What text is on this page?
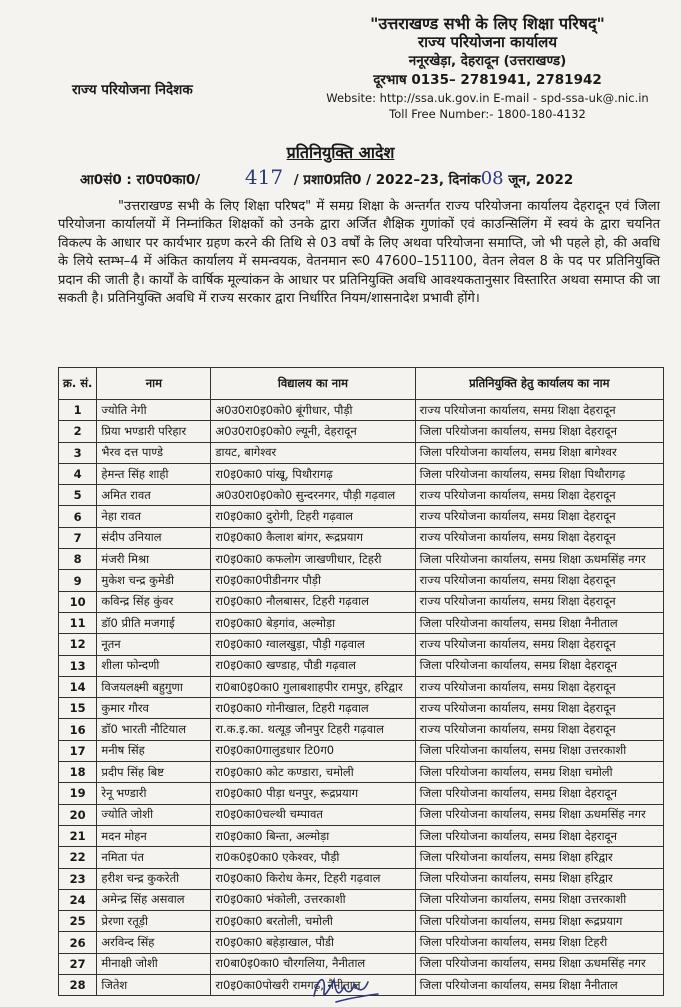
"उत्तराखण्ड सभी के लिए शिक्षा परिषद्"
राज्य परियोजना कार्यालय
ननूरखेड़ा, देहरादून (उत्तराखण्ड)
दूरभाष 0135– 2781941, 2781942
Website: http://ssa.uk.gov.in E-mail - spd-ssa-uk@.nic.in
Toll Free Number:- 1800-180-4132
राज्य परियोजना निदेशक
प्रतिनियुक्ति आदेश
आ0सं0 : रा0प0का0/ 417 / प्रशा0प्रति0 / 2022–23, दिनांक08 जून, 2022
"उत्तराखण्ड सभी के लिए शिक्षा परिषद" में समग्र शिक्षा के अन्तर्गत राज्य परियोजना कार्यालय देहरादून एवं जिला परियोजना कार्यालयों में निम्नांकित शिक्षकों को उनके द्वारा अर्जित शैक्षिक गुणांकों एवं काउन्सिलिंग में स्वयं के द्वारा चयनित विकल्प के आधार पर कार्यभार ग्रहण करने की तिथि से 03 वर्षों के लिए अथवा परियोजना समाप्ति, जो भी पहले हो, की अवधि के लिये स्तम्भ–4 में अंकित कार्यालय में समन्वयक, वेतनमान रू0 47600–151100, वेतन लेवल 8 के पद पर प्रतिनियुक्ति प्रदान की जाती है। कार्यों के वार्षिक मूल्यांकन के आधार पर प्रतिनियुक्ति अवधि आवश्यकतानुसार विस्तारित अथवा समाप्त की जा सकती है। प्रतिनियुक्ति अवधि में राज्य सरकार द्वारा निर्धारित नियम/शासनादेश प्रभावी होंगे।
क्र. सं.	नाम	विद्यालय का नाम	प्रतिनियुक्ति हेतु कार्यालय का नाम
1	ज्योति नेगी	अ0उ0रा0इ0को0 बूंगीधार, पौड़ी	राज्य परियोजना कार्यालय, समग्र शिक्षा देहरादून
2	प्रिया भण्डारी परिहार	अ0उ0रा0इ0को0 ल्यूनी, देहरादून	जिला परियोजना कार्यालय, समग्र शिक्षा देहरादून
3	भैरव दत्त पाण्डे	डायट, बागेश्वर	जिला परियोजना कार्यालय, समग्र शिक्षा बागेश्वर
4	हेमन्त सिंह शाही	रा0इ0का0 पांखू, पिथौरागढ़	जिला परियोजना कार्यालय, समग्र शिक्षा पिथौरागढ़
5	अमित रावत	अ0उ0रा0इ0को0 सुन्दरनगर, पौड़ी गढ़वाल	राज्य परियोजना कार्यालय, समग्र शिक्षा देहरादून
6	नेहा रावत	रा0इ0का0 दुरोगी, टिहरी गढ़वाल	राज्य परियोजना कार्यालय, समग्र शिक्षा देहरादून
7	संदीप उनियाल	रा0इ0का0 कैलाश बांगर, रूद्रप्रयाग	राज्य परियोजना कार्यालय, समग्र शिक्षा देहरादून
8	मंजरी मिश्रा	रा0इ0का0 कफलोग जाखणीधार, टिहरी	जिला परियोजना कार्यालय, समग्र शिक्षा ऊधमसिंह नगर
9	मुकेश चन्द्र कुमेडी	रा0इ0का0पीडीनगर पौड़ी	राज्य परियोजना कार्यालय, समग्र शिक्षा देहरादून
10	कविन्द्र सिंह कुंवर	रा0इ0का0 नौलबासर, टिहरी गढ़वाल	राज्य परियोजना कार्यालय, समग्र शिक्षा देहरादून
11	डॉ0 प्रीति मजगाई	रा0इ0का0 बेड़गांव, अल्मोड़ा	जिला परियोजना कार्यालय, समग्र शिक्षा नैनीताल
12	नूतन	रा0इ0का0 ग्वालखुड़ा, पौड़ी गढ़वाल	राज्य परियोजना कार्यालय, समग्र शिक्षा देहरादून
13	शीला फोन्दणी	रा0इ0का0 खण्डाह, पौडी गढ़वाल	जिला परियोजना कार्यालय, समग्र शिक्षा देहरादून
14	विजयलक्ष्मी बहुगुणा	रा0बा0इ0का0 गुलाबशाहपीर रामपुर, हरिद्वार	राज्य परियोजना कार्यालय, समग्र शिक्षा देहरादून
15	कुमार गौरव	रा0इ0का0 गोनीखाल, टिहरी गढ़वाल	राज्य परियोजना कार्यालय, समग्र शिक्षा देहरादून
16	डॉ0 भारती नौटियाल	रा.क.इ.का. थत्यूड़ जौनपुर टिहरी गढ़वाल	राज्य परियोजना कार्यालय, समग्र शिक्षा देहरादून
17	मनीष सिंह	रा0इ0का0गालुडधार टि0ग0	जिला परियोजना कार्यालय, समग्र शिक्षा उत्तरकाशी
18	प्रदीप सिंह बिष्ट	रा0इ0का0 कोट कण्डारा, चमोली	जिला परियोजना कार्यालय, समग्र शिक्षा चमोली
19	रेनू भण्डारी	रा0इ0का0 पीड़ा धनपुर, रूद्रप्रयाग	जिला परियोजना कार्यालय, समग्र शिक्षा देहरादून
20	ज्योति जोशी	रा0इ0का0चल्थी चम्पावत	जिला परियोजना कार्यालय, समग्र शिक्षा ऊधमसिंह नगर
21	मदन मोहन	रा0इ0का0 बिन्ता, अल्मोड़ा	जिला परियोजना कार्यालय, समग्र शिक्षा देहरादून
22	नमिता पंत	रा0क0इ0का0 एकेश्वर, पौड़ी	जिला परियोजना कार्यालय, समग्र शिक्षा हरिद्वार
23	हरीश चन्द्र कुकरेती	रा0इ0का0 किरोध केमर, टिहरी गढ़वाल	जिला परियोजना कार्यालय, समग्र शिक्षा हरिद्वार
24	अमेन्द्र सिंह असवाल	रा0इ0का0 भंकोली, उत्तरकाशी	जिला परियोजना कार्यालय, समग्र शिक्षा उत्तरकाशी
25	प्रेरणा रतूड़ी	रा0इ0का0 बरतोली, चमोली	जिला परियोजना कार्यालय, समग्र शिक्षा रूद्रप्रयाग
26	अरविन्द सिंह	रा0इ0का0 बहेड़ाखाल, पौडी	जिला परियोजना कार्यालय, समग्र शिक्षा टिहरी
27	मीनाक्षी जोशी	रा0बा0इ0का0 चौरगलिया, नैनीताल	जिला परियोजना कार्यालय, समग्र शिक्षा ऊधमसिंह नगर
28	जितेश	रा0इ0का0पोखरी रामगढ़, नैनीताल	जिला परियोजना कार्यालय, समग्र शिक्षा नैनीताल
